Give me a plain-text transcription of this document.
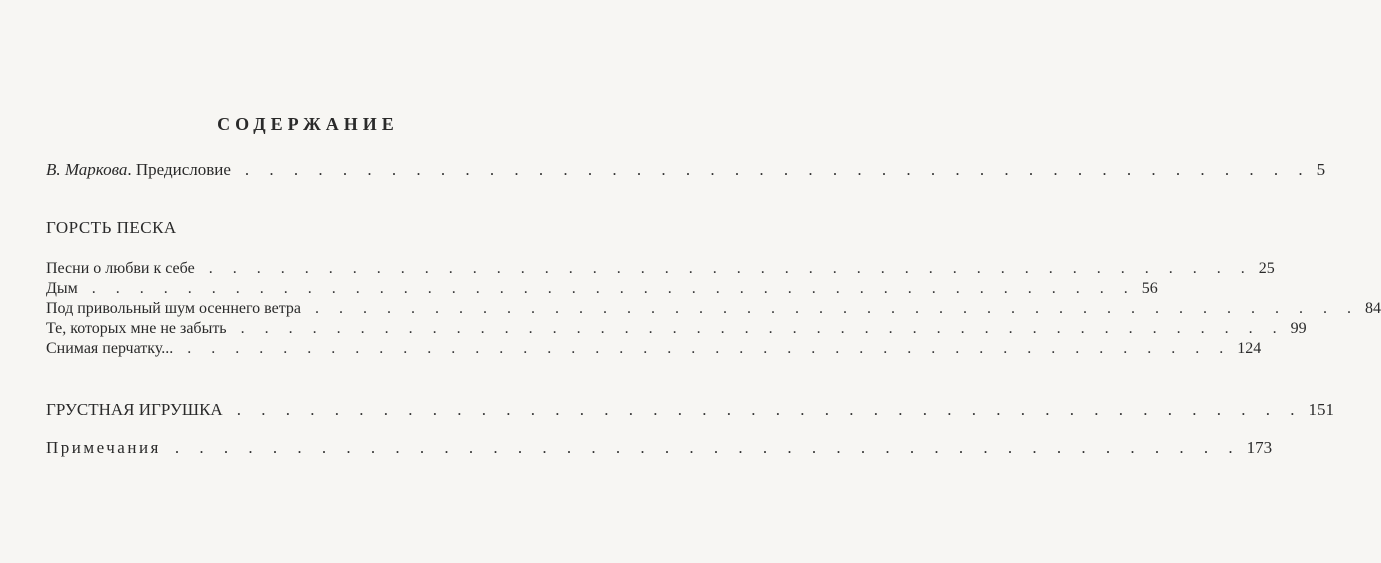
СОДЕРЖАНИЕ
В. Маркова. Предисловие . . . . . . . . . . . . . . . . . . . . . . . . . . . . . . . . . . . . . . . . . . . . 5
ГОРСТЬ ПЕСКА
Песни о любви к себе . . . . . . . . . . . . . . . . . . . . . . . . . . . . . . . . . . . . . . . . . . . . 25
Дым . . . . . . . . . . . . . . . . . . . . . . . . . . . . . . . . . . . . . . . . . . . . 56
Под привольный шум осеннего ветра . . . . . . . . . . . . . . . . . . . . . . . . . . . . . . . . . . . . . . . . . . . . 84
Те, которых мне не забыть . . . . . . . . . . . . . . . . . . . . . . . . . . . . . . . . . . . . . . . . . . . . 99
Снимая перчатку... . . . . . . . . . . . . . . . . . . . . . . . . . . . . . . . . . . . . . . . . . . . . 124
ГРУСТНАЯ ИГРУШКА . . . . . . . . . . . . . . . . . . . . . . . . . . . . . . . . . . . . . . . . . . . . 151
Примечания . . . . . . . . . . . . . . . . . . . . . . . . . . . . . . . . . . . . . . . . . . . . 173
